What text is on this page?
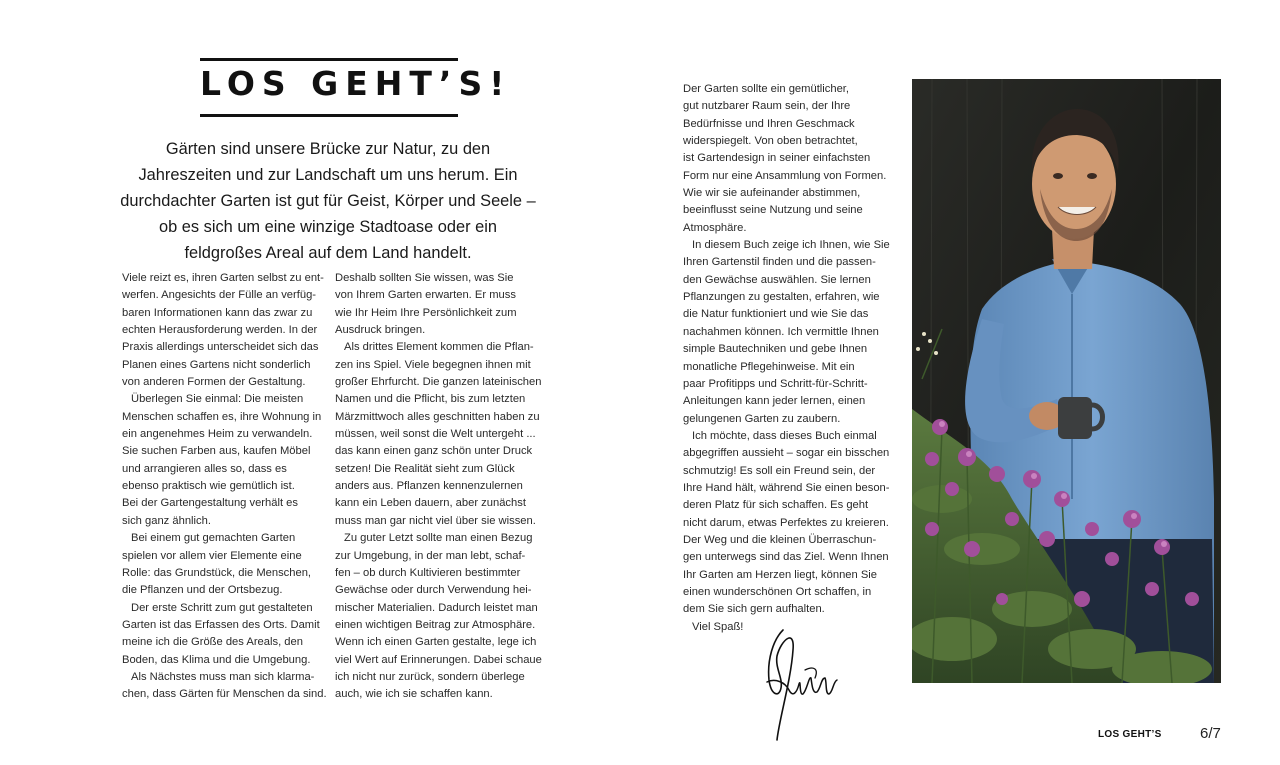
LOS GEHT’S!
Gärten sind unsere Brücke zur Natur, zu den Jahreszeiten und zur Landschaft um uns herum. Ein durchdachter Garten ist gut für Geist, Körper und Seele – ob es sich um eine winzige Stadtoase oder ein feldgroßes Areal auf dem Land handelt.

Viele reizt es, ihren Garten selbst zu ent-

werfen. Angesichts der Fülle an verfüg-

baren Informationen kann das zwar zu

echten Herausforderung werden. In der

Praxis allerdings unterscheidet sich das

Planen eines Gartens nicht sonderlich

von anderen Formen der Gestaltung.

Überlegen Sie einmal: Die meisten

Menschen schaffen es, ihre Wohnung in

ein angenehmes Heim zu verwandeln.

Sie suchen Farben aus, kaufen Möbel

und arrangieren alles so, dass es

ebenso praktisch wie gemütlich ist.

Bei der Gartengestaltung verhält es

sich ganz ähnlich.

Bei einem gut gemachten Garten

spielen vor allem vier Elemente eine

Rolle: das Grundstück, die Menschen,

die Pflanzen und der Ortsbezug.

Der erste Schritt zum gut gestalteten

Garten ist das Erfassen des Orts. Damit

meine ich die Größe des Areals, den

Boden, das Klima und die Umgebung.

Als Nächstes muss man sich klarma-

chen, dass Gärten für Menschen da sind.

Deshalb sollten Sie wissen, was Sie

von Ihrem Garten erwarten. Er muss

wie Ihr Heim Ihre Persönlichkeit zum

Ausdruck bringen.

Als drittes Element kommen die Pflan-

zen ins Spiel. Viele begegnen ihnen mit

großer Ehrfurcht. Die ganzen lateinischen

Namen und die Pflicht, bis zum letzten

Märzmittwoch alles geschnitten haben zu

müssen, weil sonst die Welt untergeht ...

das kann einen ganz schön unter Druck

setzen! Die Realität sieht zum Glück

anders aus. Pflanzen kennenzulernen

kann ein Leben dauern, aber zunächst

muss man gar nicht viel über sie wissen.

Zu guter Letzt sollte man einen Bezug

zur Umgebung, in der man lebt, schaf-

fen – ob durch Kultivieren bestimmter

Gewächse oder durch Verwendung hei-

mischer Materialien. Dadurch leistet man

einen wichtigen Beitrag zur Atmosphäre.

Wenn ich einen Garten gestalte, lege ich

viel Wert auf Erinnerungen. Dabei schaue

ich nicht nur zurück, sondern überlege

auch, wie ich sie schaffen kann.

Der Garten sollte ein gemütlicher,

gut nutzbarer Raum sein, der Ihre

Bedürfnisse und Ihren Geschmack

widerspiegelt. Von oben betrachtet,

ist Gartendesign in seiner einfachsten

Form nur eine Ansammlung von Formen.

Wie wir sie aufeinander abstimmen,

beeinflusst seine Nutzung und seine

Atmosphäre.

In diesem Buch zeige ich Ihnen, wie Sie

Ihren Gartenstil finden und die passen-

den Gewächse auswählen. Sie lernen

Pflanzungen zu gestalten, erfahren, wie

die Natur funktioniert und wie Sie das

nachahmen können. Ich vermittle Ihnen

simple Bautechniken und gebe Ihnen

monatliche Pflegehinweise. Mit ein

paar Profitipps und Schritt-für-Schritt-

Anleitungen kann jeder lernen, einen

gelungenen Garten zu zaubern.

Ich möchte, dass dieses Buch einmal

abgegriffen aussieht – sogar ein bisschen

schmutzig! Es soll ein Freund sein, der

Ihre Hand hält, während Sie einen beson-

deren Platz für sich schaffen. Es geht

nicht darum, etwas Perfektes zu kreieren.

Der Weg und die kleinen Überraschun-

gen unterwegs sind das Ziel. Wenn Ihnen

Ihr Garten am Herzen liegt, können Sie

einen wunderschönen Ort schaffen, in

dem Sie sich gern aufhalten.

Viel Spaß!

LOS GEHT’S	6/7
